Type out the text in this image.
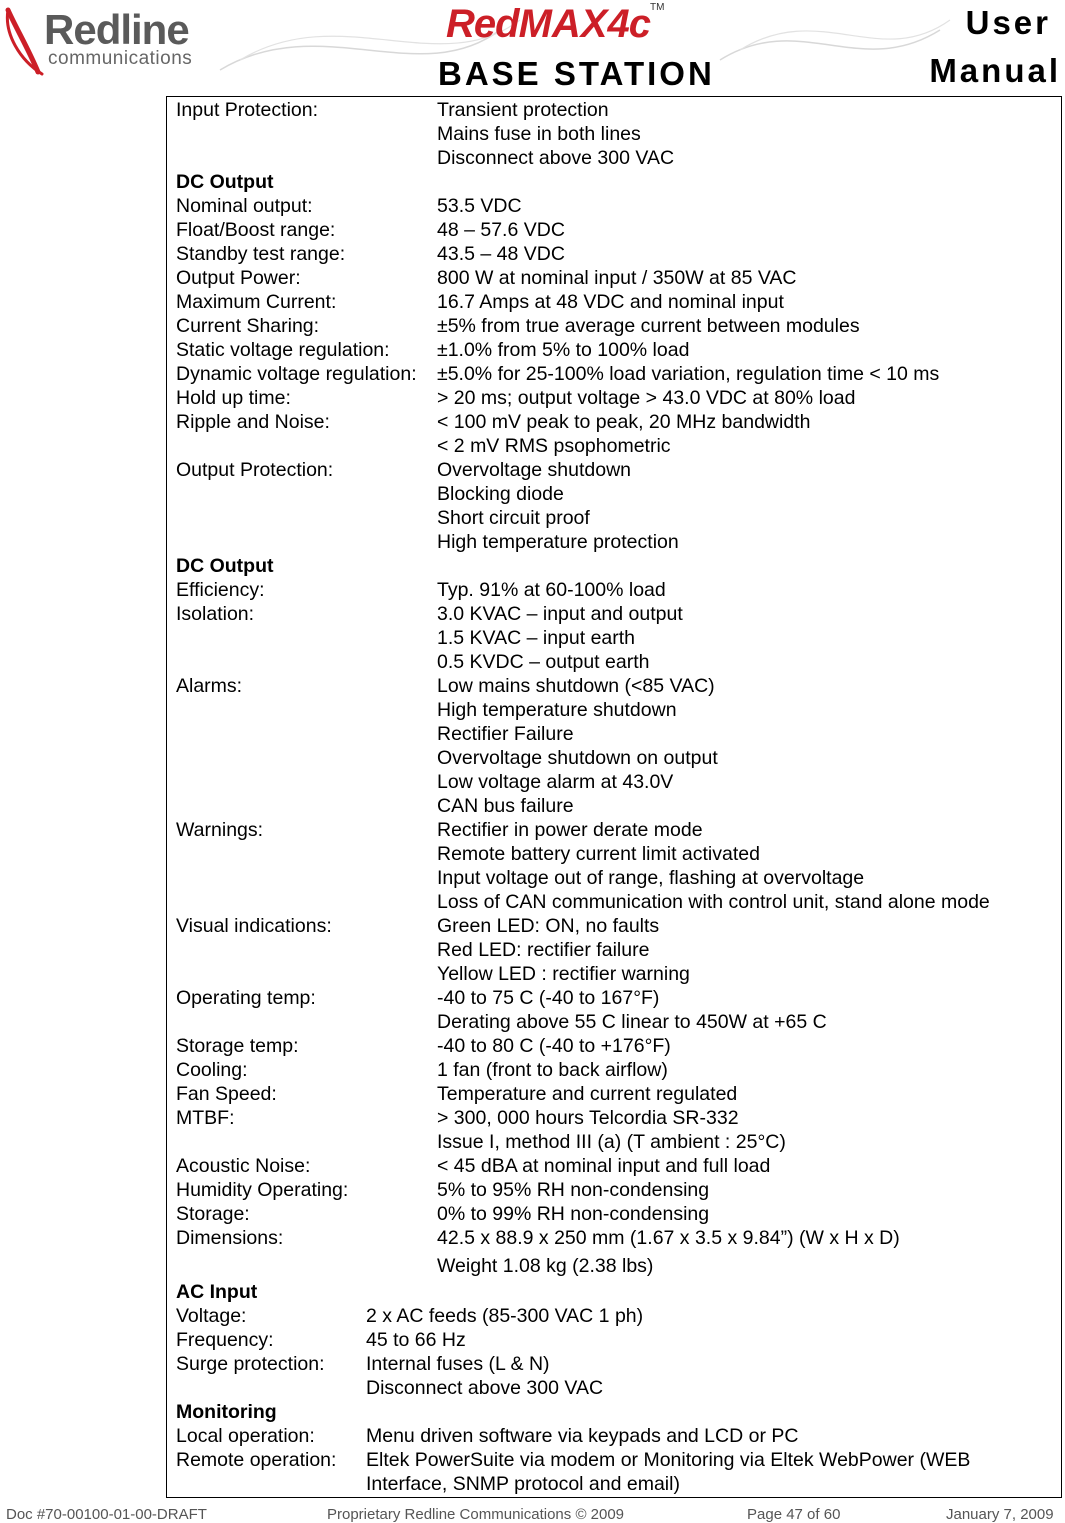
Redline
communications
RedMAX4c™
BASE STATION
User
Manual
Input Protection:	Transient protection
Mains fuse in both lines
Disconnect above 300 VAC
DC Output
Nominal output:	53.5 VDC
Float/Boost range:	48 – 57.6 VDC
Standby test range:	43.5 – 48 VDC
Output Power:	800 W at nominal input / 350W at 85 VAC
Maximum Current:	16.7 Amps at 48 VDC and nominal input
Current Sharing:	±5% from true average current between modules
Static voltage regulation: ±1.0% from 5% to 100% load
Dynamic voltage regulation: ±5.0% for 25-100% load variation, regulation time < 10 ms
Hold up time:	> 20 ms; output voltage > 43.0 VDC at 80% load
Ripple and Noise:	< 100 mV peak to peak, 20 MHz bandwidth
< 2 mV RMS psophometric
Output Protection:	Overvoltage shutdown
Blocking diode
Short circuit proof
High temperature protection
DC Output
Efficiency:	Typ. 91% at 60-100% load
Isolation:	3.0 KVAC – input and output
1.5 KVAC – input earth
0.5 KVDC – output earth
Alarms:	Low mains shutdown (<85 VAC)
High temperature shutdown
Rectifier Failure
Overvoltage shutdown on output
Low voltage alarm at 43.0V
CAN bus failure
Warnings:	Rectifier in power derate mode
Remote battery current limit activated
Input voltage out of range, flashing at overvoltage
Loss of CAN communication with control unit, stand alone mode
Visual indications:	Green LED: ON, no faults
Red LED: rectifier failure
Yellow LED : rectifier warning
Operating temp:	-40 to 75 C (-40 to 167°F)
Derating above 55 C linear to 450W at +65 C
Storage temp:	-40 to 80 C (-40 to +176°F)
Cooling:	1 fan (front to back airflow)
Fan Speed:	Temperature and current regulated
MTBF:	> 300, 000 hours Telcordia SR-332
Issue I, method III (a) (T ambient : 25°C)
Acoustic Noise:	< 45 dBA at nominal input and full load
Humidity Operating:	5% to 95% RH non-condensing
Storage:	0% to 99% RH non-condensing
Dimensions:	42.5 x 88.9 x 250 mm (1.67 x 3.5 x 9.84”) (W x H x D)
Weight 1.08 kg (2.38 lbs)
AC Input
Voltage:	2 x AC feeds (85-300 VAC 1 ph)
Frequency:	45 to 66 Hz
Surge protection: Internal fuses (L & N)
Disconnect above 300 VAC
Monitoring
Local operation:	Menu driven software via keypads and LCD or PC
Remote operation: Eltek PowerSuite via modem or Monitoring via Eltek WebPower (WEB
Interface, SNMP protocol and email)
Doc #70-00100-01-00-DRAFT	Proprietary Redline Communications © 2009	Page 47 of 60	January 7, 2009
